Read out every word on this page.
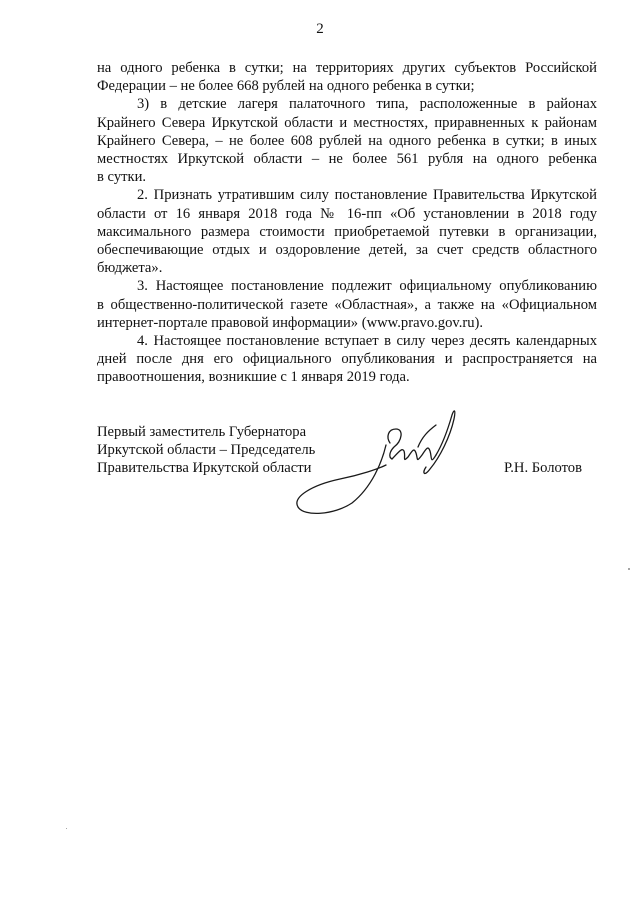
2

на одного ребенка в сутки; на территориях других субъектов Российской
Федерации – не более 668 рублей на одного ребенка в сутки;

3) в детские лагеря палаточного типа, расположенные в районах
Крайнего Севера Иркутской области и местностях, приравненных к районам
Крайнего Севера, – не более 608 рублей на одного ребенка в сутки; в иных
местностях Иркутской области – не более 561 рубля на одного ребенка
в сутки.

2. Признать утратившим силу постановление Правительства Иркутской
области от 16 января 2018 года № 16-пп «Об установлении в 2018 году
максимального размера стоимости приобретаемой путевки в организации,
обеспечивающие отдых и оздоровление детей, за счет средств областного
бюджета».

3. Настоящее постановление подлежит официальному опубликованию
в общественно-политической газете «Областная», а также на «Официальном
интернет-портале правовой информации» (www.pravo.gov.ru).

4. Настоящее постановление вступает в силу через десять календарных
дней после дня его официального опубликования и распространяется на
правоотношения, возникшие с 1 января 2019 года.

Первый заместитель Губернатора
Иркутской области – Председатель
Правительства Иркутской области	Р.Н. Болотов
